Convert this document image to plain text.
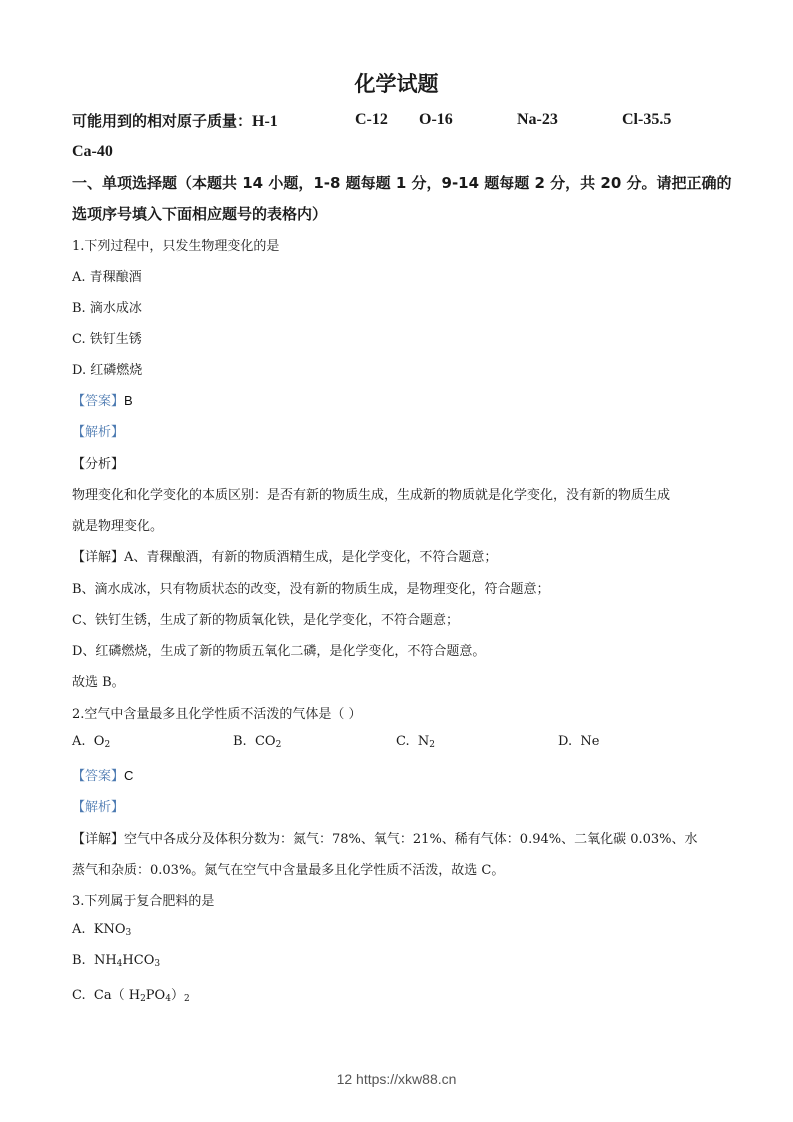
化学试题
可能用到的相对原子质量：H-1	C-12 O-16	Na-23	Cl-35.5
Ca-40
一、单项选择题（本题共 14 小题，1-8 题每题 1 分，9-14 题每题 2 分，共 20 分。请把正确的
选项序号填入下面相应题号的表格内）
1.下列过程中，只发生物理变化的是
A. 青稞酿酒
B. 滴水成冰
C. 铁钉生锈
D. 红磷燃烧
【答案】B
【解析】
【分析】
物理变化和化学变化的本质区别：是否有新的物质生成，生成新的物质就是化学变化，没有新的物质生成
就是物理变化。
【详解】A、青稞酿酒，有新的物质酒精生成，是化学变化，不符合题意；
B、滴水成冰，只有物质状态的改变，没有新的物质生成，是物理变化，符合题意；
C、铁钉生锈，生成了新的物质氧化铁，是化学变化，不符合题意；
D、红磷燃烧，生成了新的物质五氧化二磷，是化学变化，不符合题意。
故选 B。
2.空气中含量最多且化学性质不活泼的气体是（ ）
A. $O_2$	B. $CO_2$	C. $N_2$	D. Ne
【答案】C
【解析】
【详解】空气中各成分及体积分数为：氮气：78%、氧气：21%、稀有气体：0.94%、二氧化碳 0.03%、水
蒸气和杂质：0.03%。氮气在空气中含量最多且化学性质不活泼，故选 C。
3.下列属于复合肥料的是
A. $KNO_3$
B. $NH_4HCO_3$
C. Ca（ $H_2PO_4)_2$
12 https://xkw88.cn
